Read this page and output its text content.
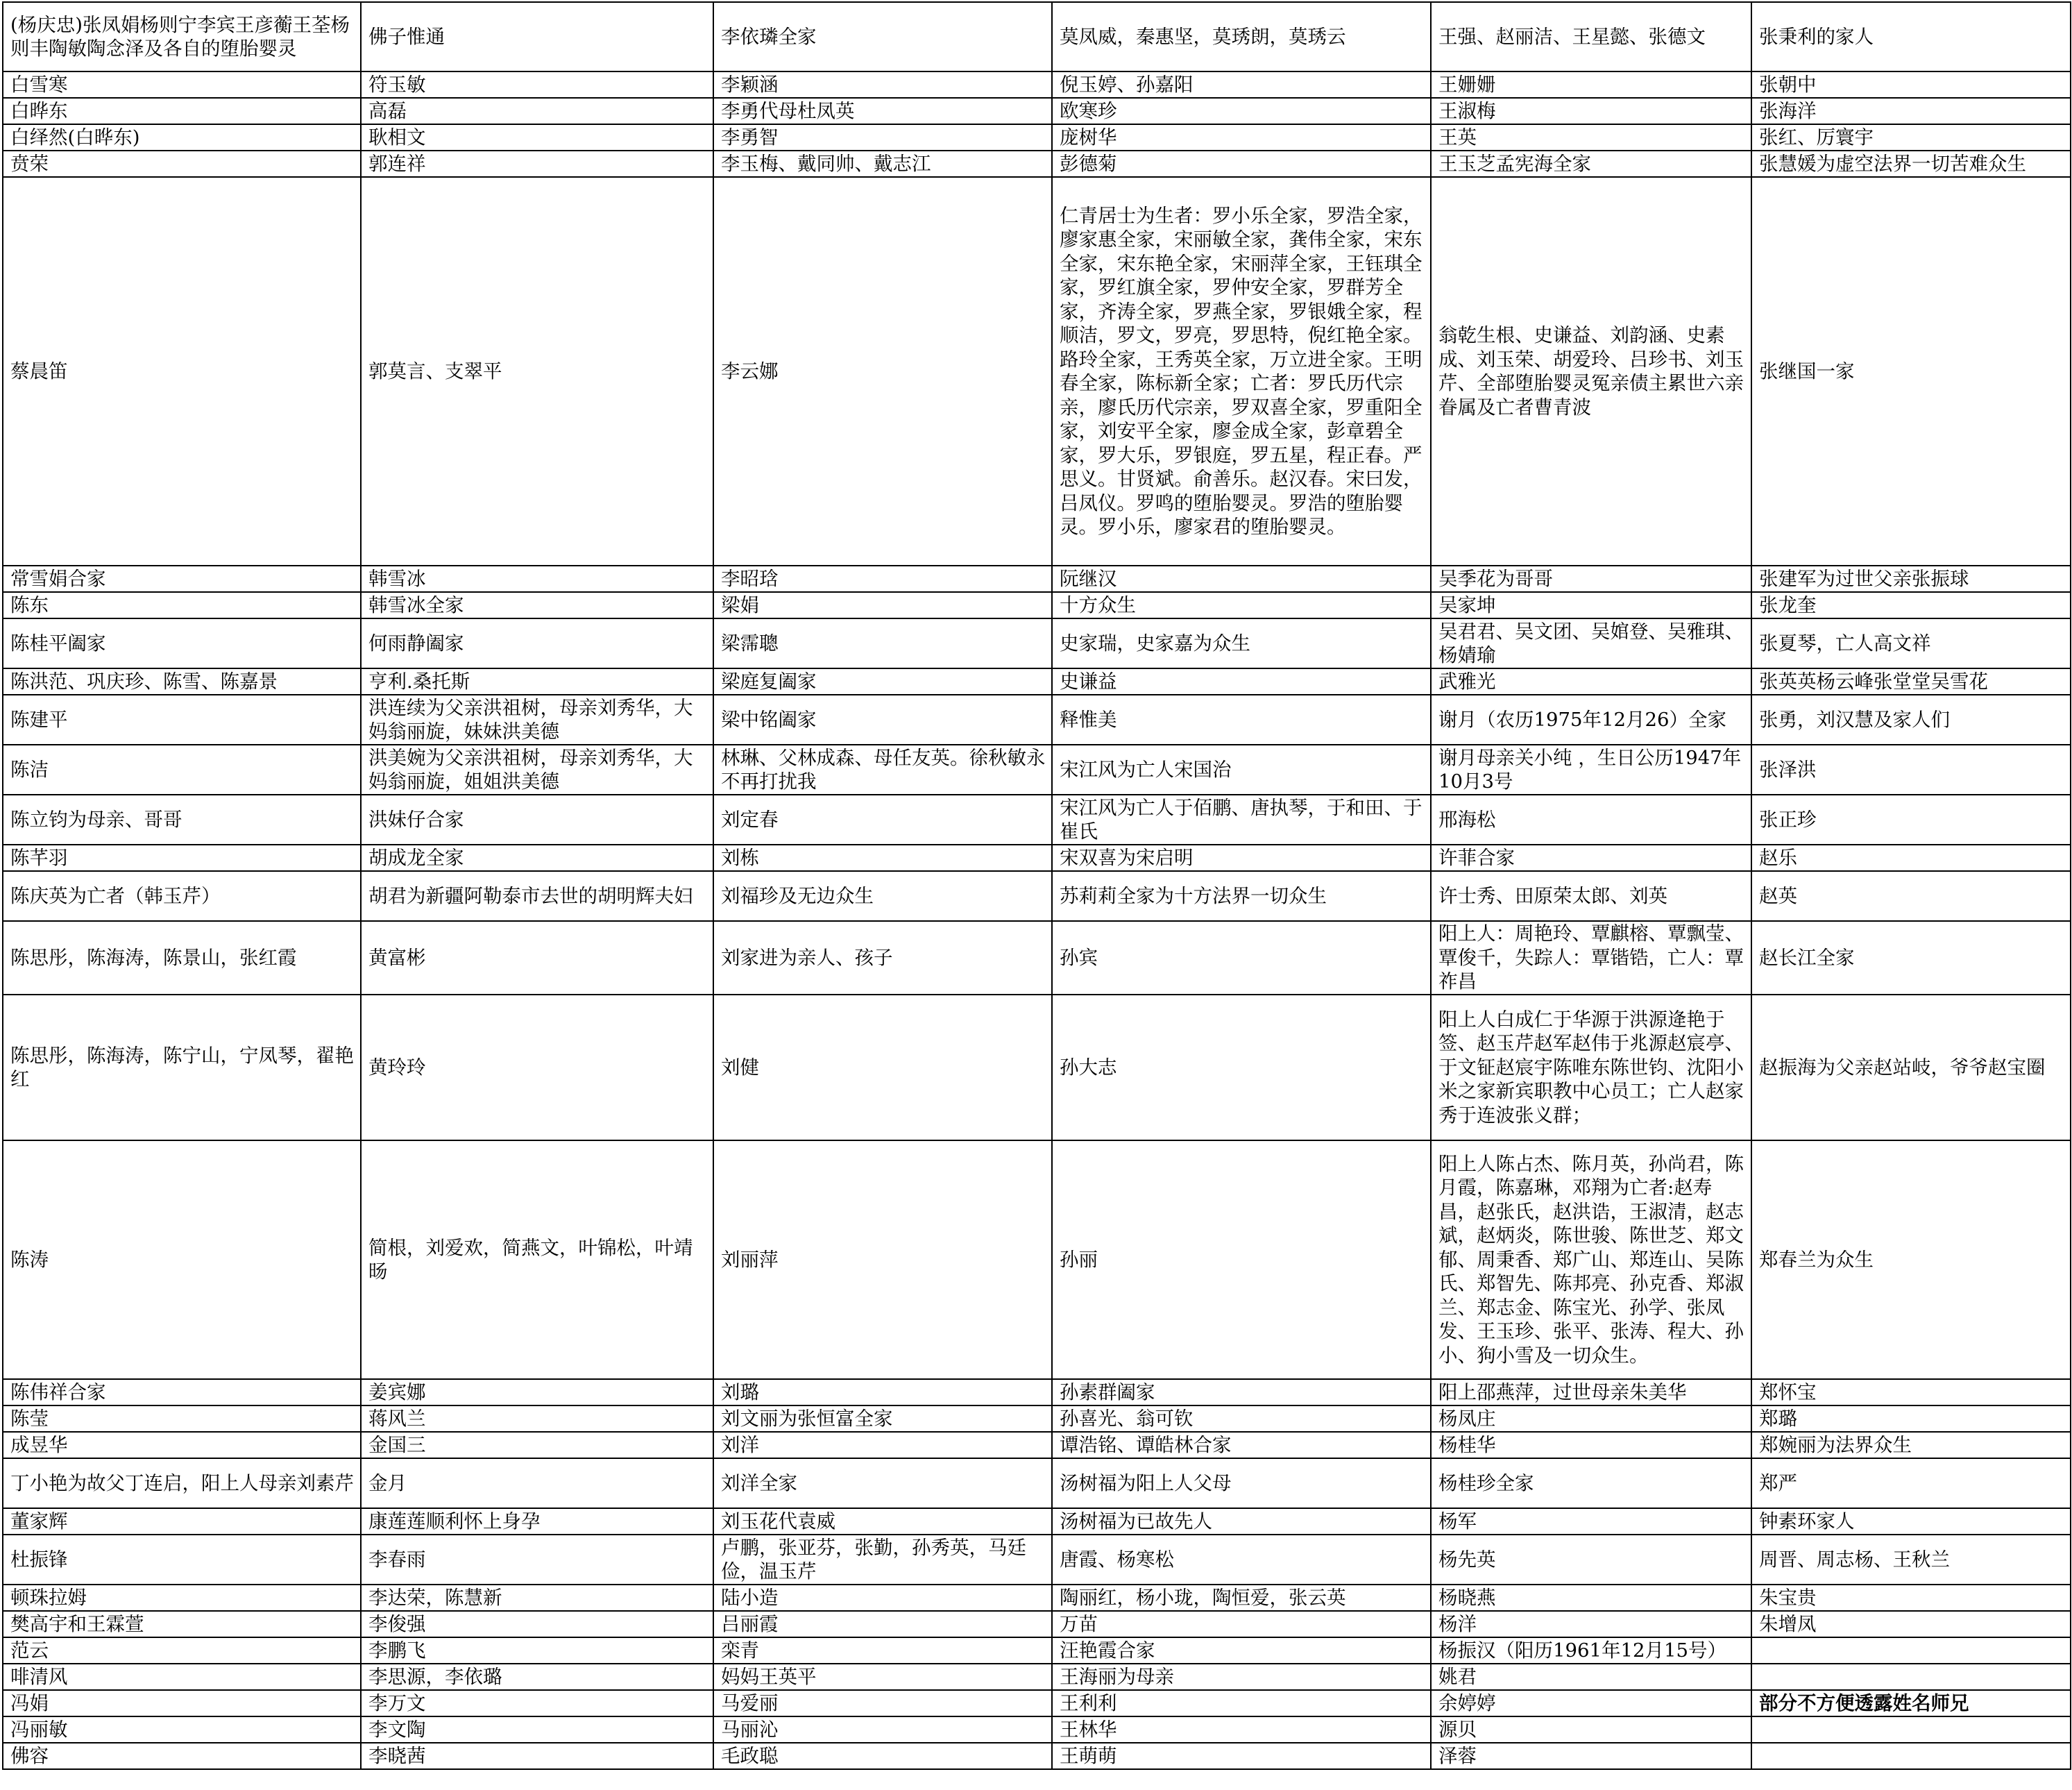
(杨庆忠)张凤娟杨则宁李宾王彦蘅王荃杨则丰陶敏陶念泽及各自的堕胎婴灵	佛子惟通	李依璘全家	莫凤威，秦惠坚，莫琇朗，莫琇云	王强、赵丽洁、王星懿、张德文	张秉利的家人
白雪寒	符玉敏	李颖涵	倪玉婷、孙嘉阳	王姗姗	张朝中
白晔东	高磊	李勇代母杜凤英	欧寒珍	王淑梅	张海洋
白绎然(白晔东)	耿相文	李勇智	庞树华	王英	张红、厉寰宇
贲荣	郭连祥	李玉梅、戴同帅、戴志江	彭德菊	王玉芝孟宪海全家	张慧媛为虚空法界一切苦难众生
蔡晨笛	郭莫言、支翠平	李云娜	仁青居士为生者：罗小乐全家，罗浩全家，廖家惠全家，宋丽敏全家，龚伟全家，宋东全家，宋东艳全家，宋丽萍全家，王钰琪全家，罗红旗全家，罗仲安全家，罗群芳全家，齐涛全家，罗燕全家，罗银娥全家，程顺洁，罗文，罗亮，罗思特，倪红艳全家。路玲全家，王秀英全家，万立进全家。王明春全家，陈标新全家；亡者：罗氏历代宗亲，廖氏历代宗亲，罗双喜全家，罗重阳全家，刘安平全家，廖金成全家，彭章碧全家，罗大乐，罗银庭，罗五星，程正春。严思义。甘贤斌。俞善乐。赵汉春。宋曰发，吕凤仪。罗鸣的堕胎婴灵。罗浩的堕胎婴灵。罗小乐，廖家君的堕胎婴灵。	翁乾生根、史谦益、刘韵涵、史素成、刘玉荣、胡爱玲、吕珍书、刘玉芹、全部堕胎婴灵冤亲债主累世六亲眷属及亡者曹青波	张继国一家
常雪娟合家	韩雪冰	李昭琀	阮继汉	吴季花为哥哥	张建军为过世父亲张振球
陈东	韩雪冰全家	梁娟	十方众生	吴家坤	张龙奎
陈桂平阖家	何雨静阖家	梁霈聰	史家瑞，史家嘉为众生	吴君君、吴文团、吴婠登、吴雅琪、杨婧瑜	张夏琴，亡人高文祥
陈洪范、巩庆珍、陈雪、陈嘉景	亨利.桑托斯	梁庭复阖家	史谦益	武雅光	张英英杨云峰张堂堂吴雪花
陈建平	洪连续为父亲洪祖树，母亲刘秀华，大妈翁丽旋，妹妹洪美德	梁中铭阖家	释惟美	谢月（农历1975年12月26）全家	张勇，刘汉慧及家人们
陈洁	洪美婉为父亲洪祖树，母亲刘秀华，大妈翁丽旋，姐姐洪美德	林琳、父林成森、母任友英。徐秋敏永不再打扰我	宋江风为亡人宋国治	谢月母亲关小纯 ，生日公历1947年10月3号	张泽洪
陈立钧为母亲、哥哥	洪妹仔合家	刘定春	宋江风为亡人于佰鹏、唐执琴，于和田、于崔氏	邢海松	张正珍
陈芊羽	胡成龙全家	刘栋	宋双喜为宋启明	许菲合家	赵乐
陈庆英为亡者（韩玉芹）	胡君为新疆阿勒泰市去世的胡明辉夫妇	刘福珍及无边众生	苏莉莉全家为十方法界一切众生	许士秀、田原荣太郎、刘英	赵英
陈思彤，陈海涛，陈景山，张红霞	黄富彬	刘家进为亲人、孩子	孙宾	阳上人：周艳玲、覃麒榕、覃飘莹、覃俊千，失踪人：覃锴锆，亡人：覃祚昌	赵长江全家
陈思彤，陈海涛，陈宁山，宁凤琴，翟艳红	黄玲玲	刘健	孙大志	阳上人白成仁于华源于洪源逄艳于签、赵玉芹赵军赵伟于兆源赵宸亭、于文钲赵宸宇陈唯东陈世钧、沈阳小米之家新宾职教中心员工；亡人赵家秀于连波张义群；	赵振海为父亲赵站岐，爷爷赵宝圈
陈涛	简根，刘爱欢，简燕文，叶锦松，叶靖旸	刘丽萍	孙丽	阳上人陈占杰、陈月英，孙尚君，陈月霞，陈嘉琳，邓翔为亡者:赵寿昌，赵张氏，赵洪诰，王淑清，赵志斌，赵炳炎，陈世骏、陈世芝、郑文郁、周秉香、郑广山、郑连山、吴陈氏、郑智先、陈邦亮、孙克香、郑淑兰、郑志金、陈宝光、孙学、张凤发、王玉珍、张平、张涛、程大、孙小、狗小雪及一切众生。	郑春兰为众生
陈伟祥合家	姜宾娜	刘璐	孙素群阖家	阳上邵燕萍，过世母亲朱美华	郑怀宝
陈莹	蒋风兰	刘文丽为张恒富全家	孙喜光、翁可钦	杨凤庄	郑璐
成昱华	金国三	刘洋	谭浩铭、谭皓林合家	杨桂华	郑婉丽为法界众生
丁小艳为故父丁连启，阳上人母亲刘素芹	金月	刘洋全家	汤树福为阳上人父母	杨桂珍全家	郑严
董家辉	康莲莲顺利怀上身孕	刘玉花代袁威	汤树福为已故先人	杨军	钟素环家人
杜振锋	李春雨	卢鹏，张亚芬，张勤，孙秀英，马廷俭，温玉芹	唐霞、杨寒松	杨先英	周晋、周志杨、王秋兰
顿珠拉姆	李达荣，陈慧新	陆小造	陶丽红，杨小珑，陶恒爱，张云英	杨晓燕	朱宝贵
樊高宇和王霖萱	李俊强	吕丽霞	万苗	杨洋	朱增凤
范云	李鹏飞	栾青	汪艳霞合家	杨振汉（阳历1961年12月15号）	
啡清风	李思源，李依璐	妈妈王英平	王海丽为母亲	姚君	
冯娟	李万文	马爱丽	王利利	余婷婷	部分不方便透露姓名师兄
冯丽敏	李文陶	马丽沁	王林华	源贝	
佛容	李晓茜	毛政聪	王萌萌	泽蓉	
